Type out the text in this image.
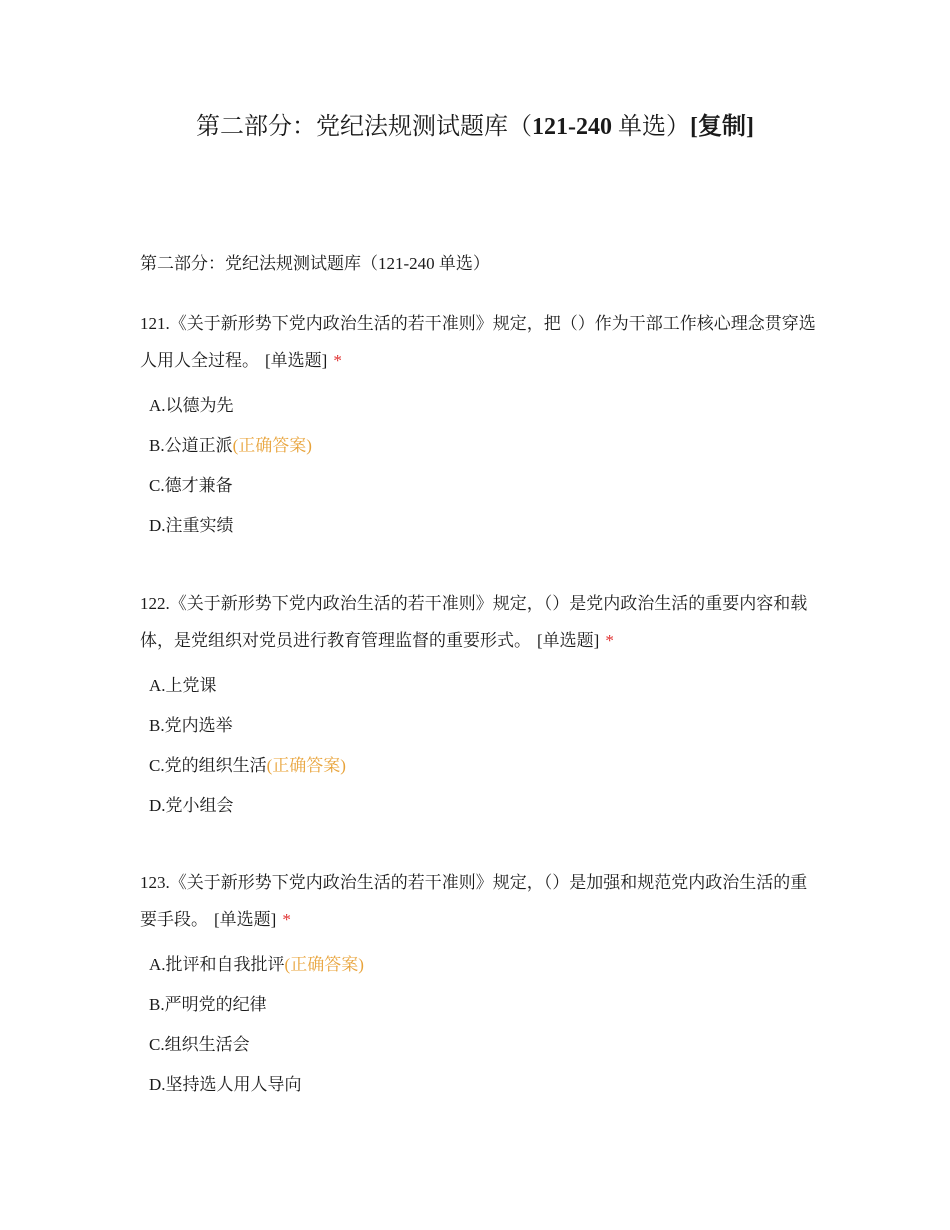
第二部分：党纪法规测试题库（121-240 单选）[复制]
第二部分：党纪法规测试题库（121-240 单选）

121.《关于新形势下党内政治生活的若干准则》规定，把（）作为干部工作核心理念贯穿选人用人全过程。 [单选题] *

A.以德为先
B.公道正派(正确答案)
C.德才兼备
D.注重实绩

122.《关于新形势下党内政治生活的若干准则》规定，（）是党内政治生活的重要内容和载体，是党组织对党员进行教育管理监督的重要形式。 [单选题] *

A.上党课
B.党内选举
C.党的组织生活(正确答案)
D.党小组会

123.《关于新形势下党内政治生活的若干准则》规定，（）是加强和规范党内政治生活的重要手段。 [单选题] *

A.批评和自我批评(正确答案)
B.严明党的纪律
C.组织生活会
D.坚持选人用人导向
